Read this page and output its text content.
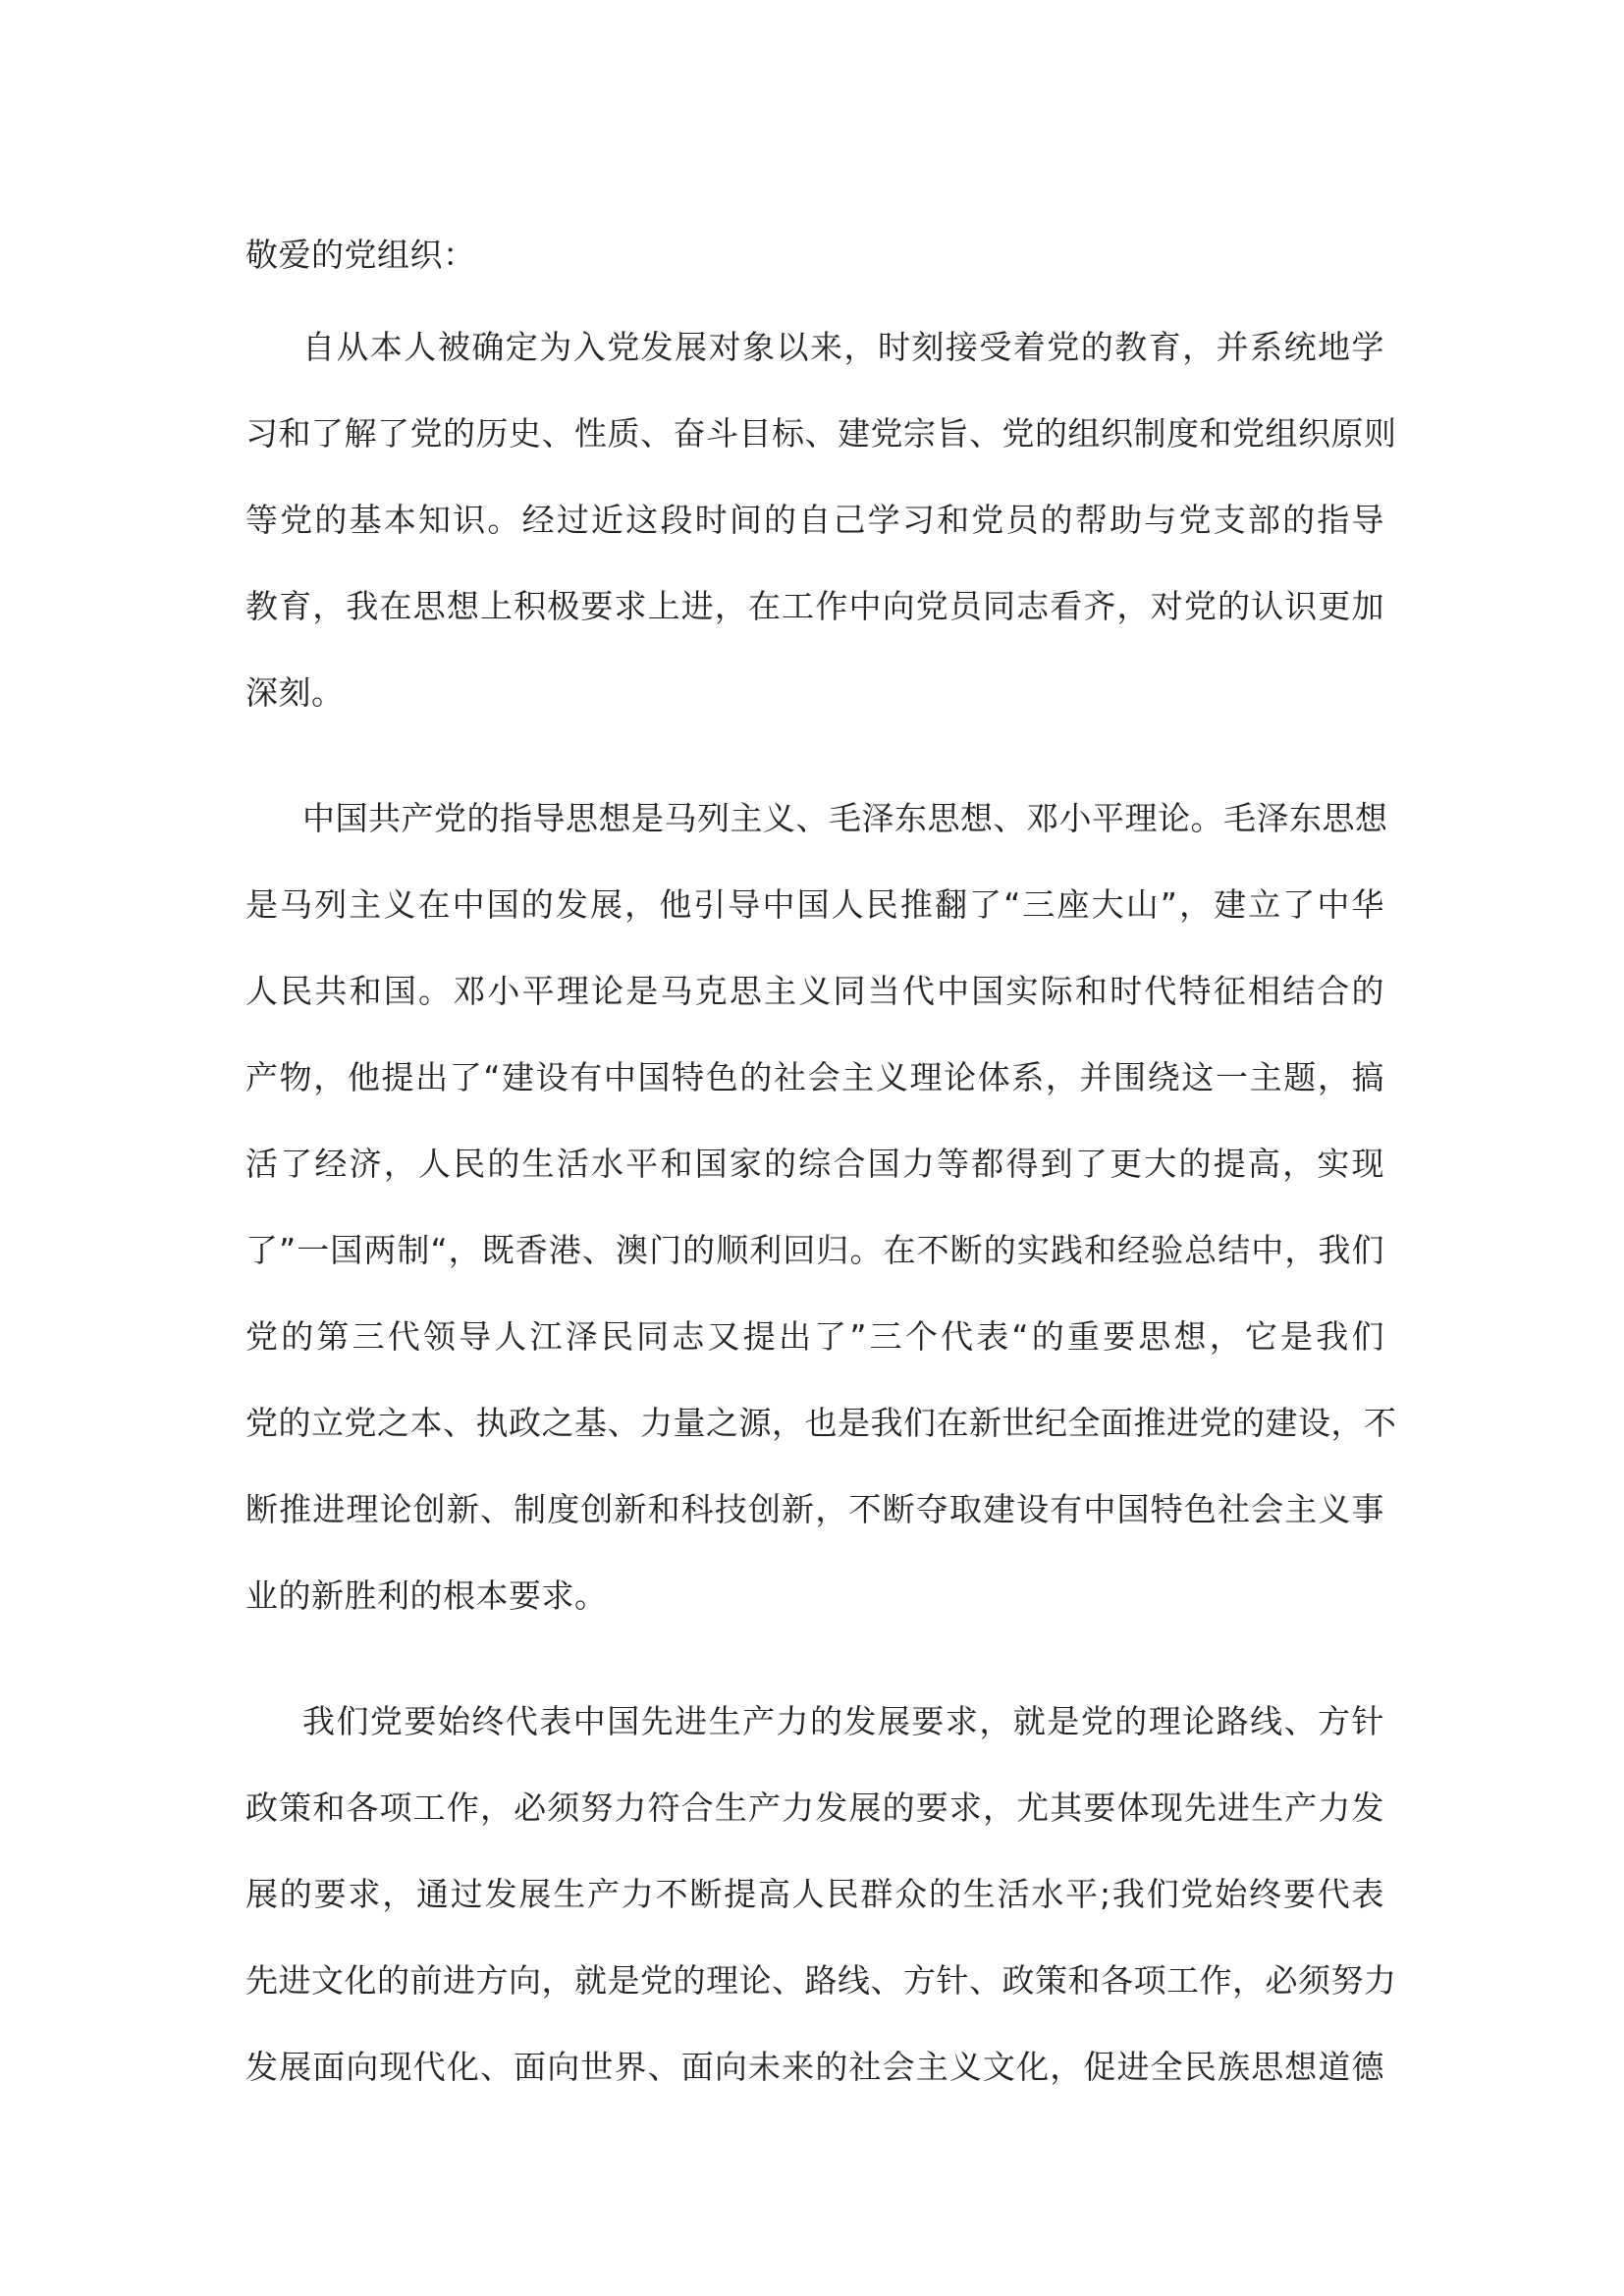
敬爱的党组织：
自从本人被确定为入党发展对象以来，时刻接受着党的教育，并系统地学
习和了解了党的历史、性质、奋斗目标、建党宗旨、党的组织制度和党组织原则
等党的基本知识。经过近这段时间的自己学习和党员的帮助与党支部的指导
教育，我在思想上积极要求上进，在工作中向党员同志看齐，对党的认识更加
深刻。
中国共产党的指导思想是马列主义、毛泽东思想、邓小平理论。毛泽东思想
是马列主义在中国的发展，他引导中国人民推翻了“三座大山”，建立了中华
人民共和国。邓小平理论是马克思主义同当代中国实际和时代特征相结合的
产物，他提出了“建设有中国特色的社会主义理论体系，并围绕这一主题，搞
活了经济，人民的生活水平和国家的综合国力等都得到了更大的提高，实现
了”一国两制“，既香港、澳门的顺利回归。在不断的实践和经验总结中，我们
党的第三代领导人江泽民同志又提出了”三个代表“的重要思想，它是我们
党的立党之本、执政之基、力量之源，也是我们在新世纪全面推进党的建设，不
断推进理论创新、制度创新和科技创新，不断夺取建设有中国特色社会主义事
业的新胜利的根本要求。
我们党要始终代表中国先进生产力的发展要求，就是党的理论路线、方针
政策和各项工作，必须努力符合生产力发展的要求，尤其要体现先进生产力发
展的要求，通过发展生产力不断提高人民群众的生活水平;我们党始终要代表
先进文化的前进方向，就是党的理论、路线、方针、政策和各项工作，必须努力
发展面向现代化、面向世界、面向未来的社会主义文化，促进全民族思想道德
